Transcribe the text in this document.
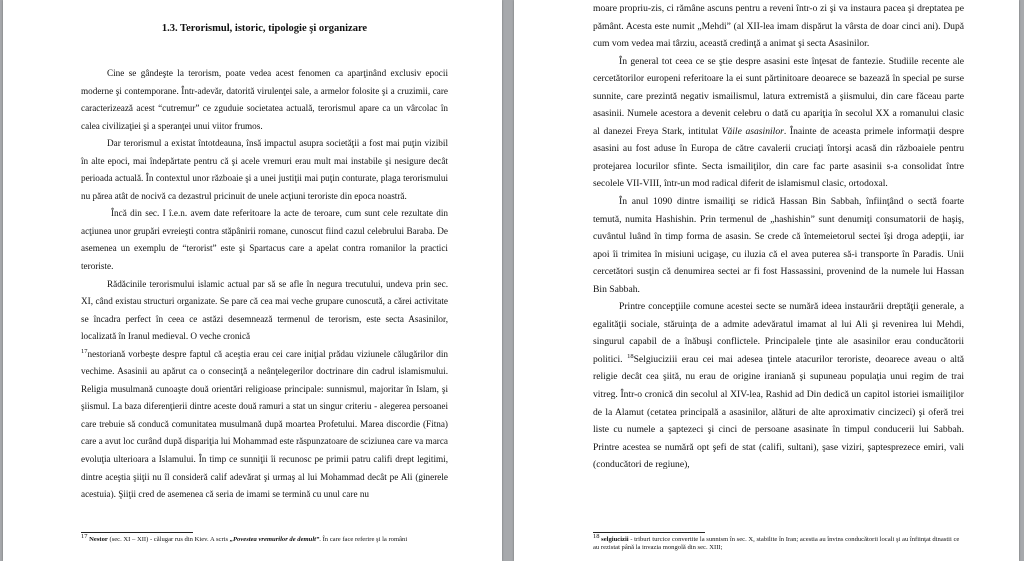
1.3. Terorismul, istoric, tipologie şi organizare

Cine se gândeşte la terorism, poate vedea acest fenomen ca aparţinând exclusiv epocii moderne şi contemporane. Într-adevăr, datorită virulenţei sale, a armelor folosite şi a cruzimii, care caracterizează acest “cutremur” ce zguduie societatea actuală, terorismul apare ca un vârcolac în calea civilizaţiei şi a speranţei unui viitor frumos.

Dar terorismul a existat întotdeauna, însă impactul asupra societăţii a fost mai puţin vizibil în alte epoci, mai îndepărtate pentru că şi acele vremuri erau mult mai instabile şi nesigure decât perioada actuală. În contextul unor războaie şi a unei justiţii mai puţin conturate, plaga terorismului nu părea atât de nocivă ca dezastrul pricinuit de unele acţiuni teroriste din epoca noastră.

Încă din sec. I î.e.n. avem date referitoare la acte de teroare, cum sunt cele rezultate din acţiunea unor grupări evreieşti contra stăpânirii romane, cunoscut fiind cazul celebrului Baraba. De asemenea un exemplu de “terorist” este şi Spartacus care a apelat contra romanilor la practici teroriste.

Rădăcinile terorismului islamic actual par să se afle în negura trecutului, undeva prin sec. XI, când existau structuri organizate. Se pare că cea mai veche grupare cunoscută, a cărei activitate se încadra perfect în ceea ce astăzi desemnează termenul de terorism, este secta Asasinilor, localizată în Iranul medieval. O veche cronică

$^{17}$nestoriană vorbeşte despre faptul că aceştia erau cei care iniţial prădau viziunele călugărilor din vechime. Asasinii au apărut ca o consecinţă a neânţelegerilor doctrinare din cadrul islamismului. Religia musulmană cunoaşte două orientări religioase principale: sunnismul, majoritar în Islam, şi şiismul. La baza diferenţierii dintre aceste două ramuri a stat un singur criteriu - alegerea persoanei care trebuie să conducă comunitatea musulmană după moartea Profetului. Marea discordie (Fitna) care a avut loc curând după dispariţia lui Mohammad este răspunzatoare de sciziunea care va marca evoluţia ulterioara a Islamului. În timp ce sunniţii îi recunosc pe primii patru califi drept legitimi, dintre aceştia şiiţii nu îl consideră calif adevărat şi urmaş al lui Mohammad decât pe Ali (ginerele acestuia). Şiiţii cred de asemenea că seria de imami se termină cu unul care nu

$^{17}$ Nestor (sec. XI – XII) - călugar rus din Kiev. A scris „Povestea vremurilor de demult”. În care face referire şi la români

moare propriu-zis, ci rămâne ascuns pentru a reveni într-o zi şi va instaura pacea şi dreptatea pe pământ. Acesta este numit „Mehdi” (al XII-lea imam dispărut la vârsta de doar cinci ani). După cum vom vedea mai târziu, această credinţă a animat şi secta Asasinilor.

În general tot ceea ce se ştie despre asasini este înţesat de fantezie. Studiile recente ale cercetătorilor europeni referitoare la ei sunt părtinitoare deoarece se bazează în special pe surse sunnite, care prezintă negativ ismailismul, latura extremistă a şiismului, din care făceau parte asasinii. Numele acestora a devenit celebru o dată cu apariţia în secolul XX a romanului clasic al danezei Freya Stark, intitulat Văile asasinilor. Înainte de aceasta primele informaţii despre asasini au fost aduse în Europa de către cavalerii cruciaţi întorşi acasă din războaiele pentru protejarea locurilor sfinte. Secta ismailiţilor, din care fac parte asasinii s-a consolidat între secolele VII-VIII, într-un mod radical diferit de islamismul clasic, ortodoxal.

În anul 1090 dintre ismailiţi se ridică Hassan Bin Sabbah, înfiinţând o sectă foarte temută, numita Hashishin. Prin termenul de „hashishin” sunt denumiţi consumatorii de haşiş, cuvântul luând în timp forma de asasin. Se crede că întemeietorul sectei îşi droga adepţii, iar apoi îi trimitea în misiuni ucigaşe, cu iluzia că el avea puterea să-i transporte în Paradis. Unii cercetători susţin că denumirea sectei ar fi fost Hassassini, provenind de la numele lui Hassan Bin Sabbah.

Printre concepţiile comune acestei secte se numără ideea instaurării dreptăţii generale, a egalităţii sociale, stăruinţa de a admite adevăratul imamat al lui Ali şi revenirea lui Mehdi, singurul capabil de a înăbuşi conflictele. Principalele ţinte ale asasinilor erau conducătorii politici. $^{18}$Selgiuciziii erau cei mai adesea ţintele atacurilor teroriste, deoarece aveau o altă religie decât cea şiită, nu erau de origine iraniană şi supuneau populaţia unui regim de trai vitreg. Într-o cronică din secolul al XIV-lea, Rashid ad Din dedică un capitol istoriei ismailiţilor de la Alamut (cetatea principală a asasinilor, alături de alte aproximativ cincizeci) şi oferă trei liste cu numele a şaptezeci şi cinci de persoane asasinate în timpul conducerii lui Sabbah. Printre acestea se numără opt şefi de stat (califi, sultani), şase viziri, şaptesprezece emiri, vali (conducători de regiune),

$^{18}$ selgiucizii - triburi turcice convertite la sunnism în sec. X, stabilite în Iran; acestia au învins conducătorii locali şi au înfiinţat dinastii ce au rezistat până la invazia mongolă din sec. XIII;
